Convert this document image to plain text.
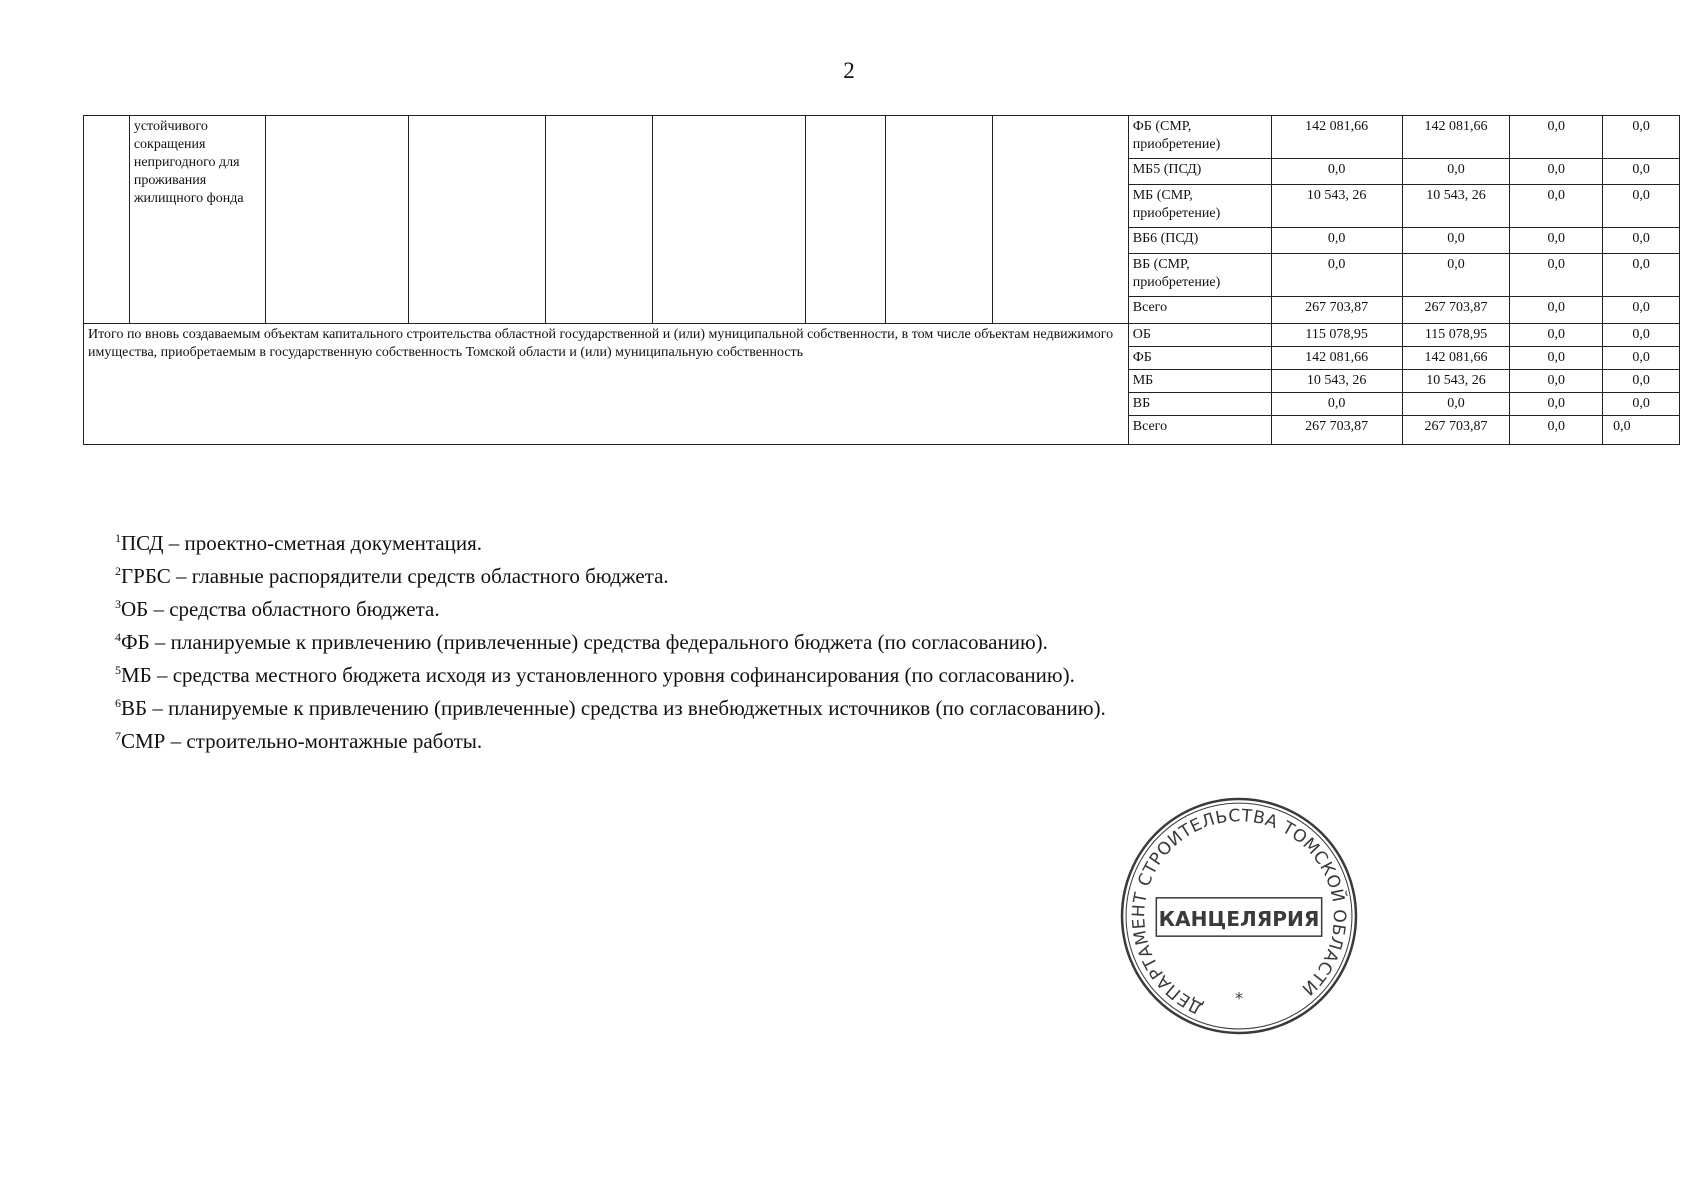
2
	устойчивого сокращения непригодного для проживания жилищного фонда								ФБ (СМР, приобретение)	142 081,66	142 081,66	0,0	0,0
									МБ5 (ПСД)	0,0	0,0	0,0	0,0
									МБ (СМР, приобретение)	10 543, 26	10 543, 26	0,0	0,0
									ВБ6 (ПСД)	0,0	0,0	0,0	0,0
									ВБ (СМР, приобретение)	0,0	0,0	0,0	0,0
									Всего	267 703,87	267 703,87	0,0	0,0
Итого по вновь создаваемым объектам капитального строительства областной государственной и (или) муниципальной собственности, в том числе объектам недвижимого имущества, приобретаемым в государственную собственность Томской области и (или) муниципальную собственность									ОБ	115 078,95	115 078,95	0,0	0,0
									ФБ	142 081,66	142 081,66	0,0	0,0
									МБ	10 543, 26	10 543, 26	0,0	0,0
									ВБ	0,0	0,0	0,0	0,0
									Всего	267 703,87	267 703,87	0,0	0,0
$^1$ПСД – проектно-сметная документация.
$^2$ГРБС – главные распорядители средств областного бюджета.
$^3$ОБ – средства областного бюджета.
$^4$ФБ – планируемые к привлечению (привлеченные) средства федерального бюджета (по согласованию).
$^5$МБ – средства местного бюджета исходя из установленного уровня софинансирования (по согласованию).
$^6$ВБ – планируемые к привлечению (привлеченные) средства из внебюджетных источников (по согласованию).
$^7$СМР – строительно-монтажные работы.
ДЕПАРТАМЕНТ СТРОИТЕЛЬСТВА ТОМСКОЙ ОБЛАСТИ
КАНЦЕЛЯРИЯ
*
